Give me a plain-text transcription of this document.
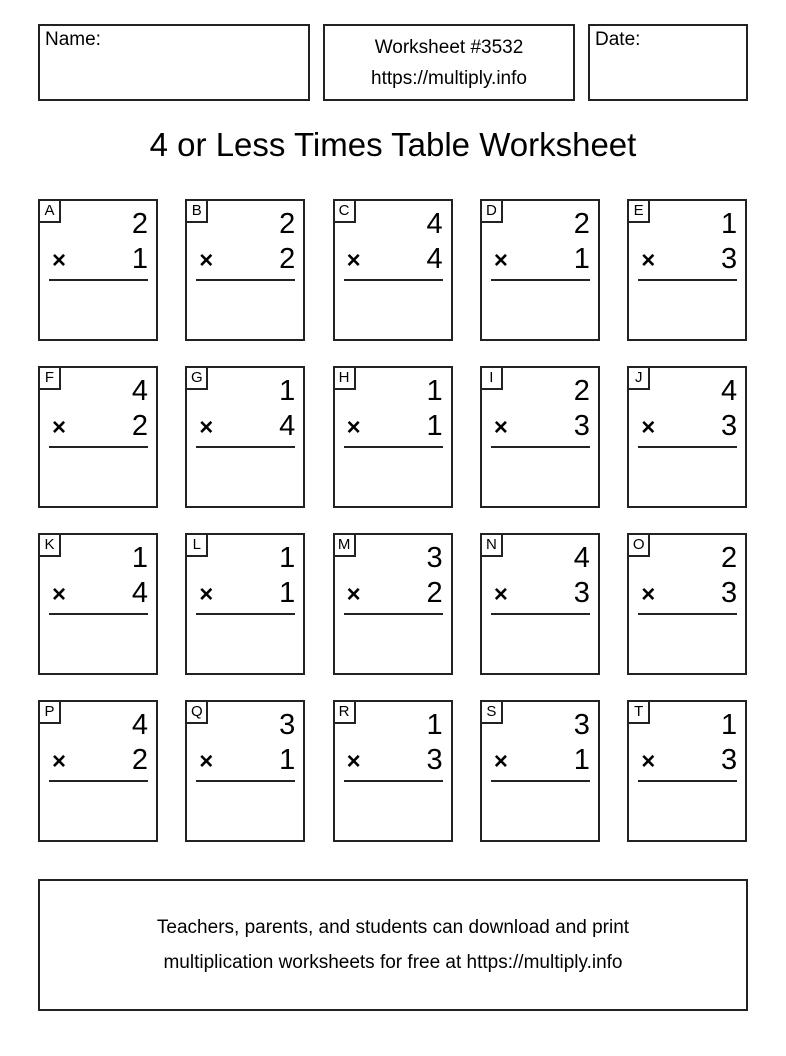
Name:	Worksheet #3532
https://multiply.info
Date:
4 or Less Times Table Worksheet
A	2
× 1
B	2
× 2
C	4
× 4
D	2
× 1
E	1
× 3
F	4
× 2
G	1
× 4
H	1
× 1
I	2
× 3
J	4
× 3
K	1
× 4
L	1
× 1
M	3
× 2
N	4
× 3
O	2
× 3
P	4
× 2
Q	3
× 1
R	1
× 3
S	3
× 1
T	1
× 3
Teachers, parents, and students can download and print
multiplication worksheets for free at https://multiply.info
